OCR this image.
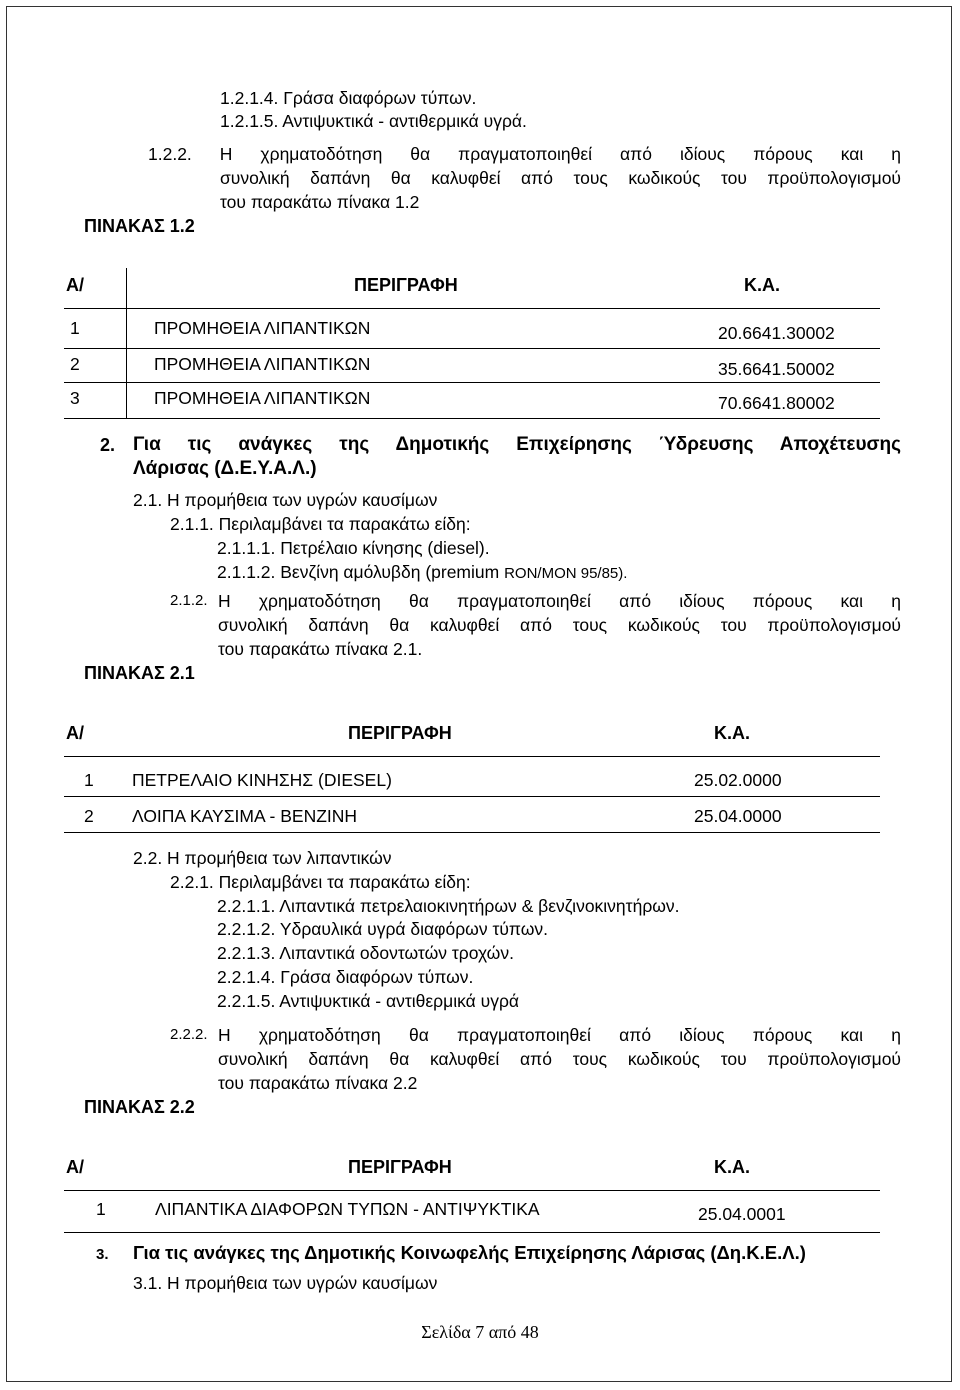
1.2.1.4. Γράσα διαφόρων τύπων.
1.2.1.5. Αντιψυκτικά - αντιθερμικά υγρά.
1.2.2. Η χρηματοδότηση θα πραγματοποιηθεί από ιδίους πόρους και η
συνολική δαπάνη θα καλυφθεί από τους κωδικούς του προϋπολογισμού
του παρακάτω πίνακα 1.2
ΠΙΝΑΚΑΣ 1.2
Α/	ΠΕΡΙΓΡΑΦΗ	Κ.Α.
1	ΠΡΟΜΗΘΕΙΑ ΛΙΠΑΝΤΙΚΩΝ	20.6641.30002
2	ΠΡΟΜΗΘΕΙΑ ΛΙΠΑΝΤΙΚΩΝ	35.6641.50002
3	ΠΡΟΜΗΘΕΙΑ ΛΙΠΑΝΤΙΚΩΝ	70.6641.80002
2. Για τις ανάγκες της Δημοτικής Επιχείρησης Ύδρευσης Αποχέτευσης
Λάρισας (Δ.Ε.Υ.Α.Λ.)
2.1. Η προμήθεια των υγρών καυσίμων
2.1.1. Περιλαμβάνει τα παρακάτω είδη:
2.1.1.1. Πετρέλαιο κίνησης (diesel).
2.1.1.2. Βενζίνη αμόλυβδη (premium RON/MON 95/85).
2.1.2. Η χρηματοδότηση θα πραγματοποιηθεί από ιδίους πόρους και η
συνολική δαπάνη θα καλυφθεί από τους κωδικούς του προϋπολογισμού
του παρακάτω πίνακα 2.1.
ΠΙΝΑΚΑΣ 2.1
Α/	ΠΕΡΙΓΡΑΦΗ	Κ.Α.
1 ΠΕΤΡΕΛΑΙΟ ΚΙΝΗΣΗΣ (DIESEL)	25.02.0000
2 ΛΟΙΠΑ ΚΑΥΣΙΜΑ - ΒΕΝΖΙΝΗ	25.04.0000
2.2. Η προμήθεια των λιπαντικών
2.2.1. Περιλαμβάνει τα παρακάτω είδη:
2.2.1.1. Λιπαντικά πετρελαιοκινητήρων & βενζινοκινητήρων.
2.2.1.2. Υδραυλικά υγρά διαφόρων τύπων.
2.2.1.3. Λιπαντικά οδοντωτών τροχών.
2.2.1.4. Γράσα διαφόρων τύπων.
2.2.1.5. Αντιψυκτικά - αντιθερμικά υγρά
2.2.2. Η χρηματοδότηση θα πραγματοποιηθεί από ιδίους πόρους και η
συνολική δαπάνη θα καλυφθεί από τους κωδικούς του προϋπολογισμού
του παρακάτω πίνακα 2.2
ΠΙΝΑΚΑΣ 2.2
Α/	ΠΕΡΙΓΡΑΦΗ	Κ.Α.
1	ΛΙΠΑΝΤΙΚΑ ΔΙΑΦΟΡΩΝ ΤΥΠΩΝ - ΑΝΤΙΨΥΚΤΙΚΑ	25.04.0001
3. Για τις ανάγκες της Δημοτικής Κοινωφελής Επιχείρησης Λάρισας (Δη.Κ.Ε.Λ.)
3.1. Η προμήθεια των υγρών καυσίμων
Σελίδα 7 από 48
